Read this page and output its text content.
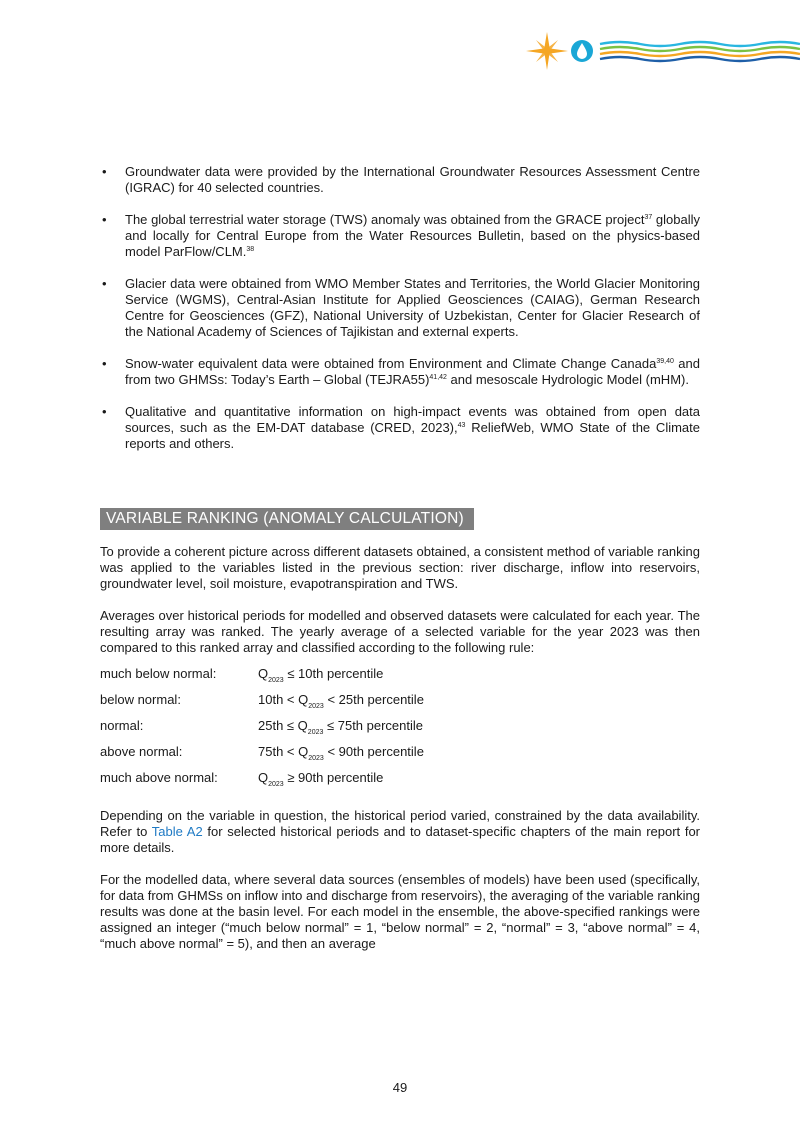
• Groundwater data were provided by the International Groundwater Resources Assessment Centre (IGRAC) for 40 selected countries.
• The global terrestrial water storage (TWS) anomaly was obtained from the GRACE project$^{37}$ globally and locally for Central Europe from the Water Resources Bulletin, based on the physics-based model ParFlow/CLM.$^{38}$
• Glacier data were obtained from WMO Member States and Territories, the World Glacier Monitoring Service (WGMS), Central-Asian Institute for Applied Geosciences (CAIAG), German Research Centre for Geosciences (GFZ), National University of Uzbekistan, Center for Glacier Research of the National Academy of Sciences of Tajikistan and external experts.
• Snow-water equivalent data were obtained from Environment and Climate Change Canada$^{39,40}$ and from two GHMSs: Today’s Earth – Global (TEJRA55)$^{41,42}$ and mesoscale Hydrologic Model (mHM).
• Qualitative and quantitative information on high-impact events was obtained from open data sources, such as the EM-DAT database (CRED, 2023),$^{43}$ ReliefWeb, WMO State of the Climate reports and others.
VARIABLE RANKING (ANOMALY CALCULATION)

To provide a coherent picture across different datasets obtained, a consistent method of variable ranking was applied to the variables listed in the previous section: river discharge, inflow into reservoirs, groundwater level, soil moisture, evapotranspiration and TWS.

Averages over historical periods for modelled and observed datasets were calculated for each year. The resulting array was ranked. The yearly average of a selected variable for the year 2023 was then compared to this ranked array and classified according to the following rule:

much below normal:	$Q_{2023} \le 10th$ percentile
below normal:	$10th < Q_{2023} < 25th$ percentile
normal:	$25th \le Q_{2023} \le 75th$ percentile
above normal:	$75th < Q_{2023} < 90th$ percentile
much above normal:	$Q_{2023} \ge 90th$ percentile

Depending on the variable in question, the historical period varied, constrained by the data availability. Refer to Table A2 for selected historical periods and to dataset-specific chapters of the main report for more details.

For the modelled data, where several data sources (ensembles of models) have been used (specifically, for data from GHMSs on inflow into and discharge from reservoirs), the averaging of the variable ranking results was done at the basin level. For each model in the ensemble, the above-specified rankings were assigned an integer (“much below normal” = 1, “below normal” = 2, “normal” = 3, “above normal” = 4, “much above normal” = 5), and then an average

49
